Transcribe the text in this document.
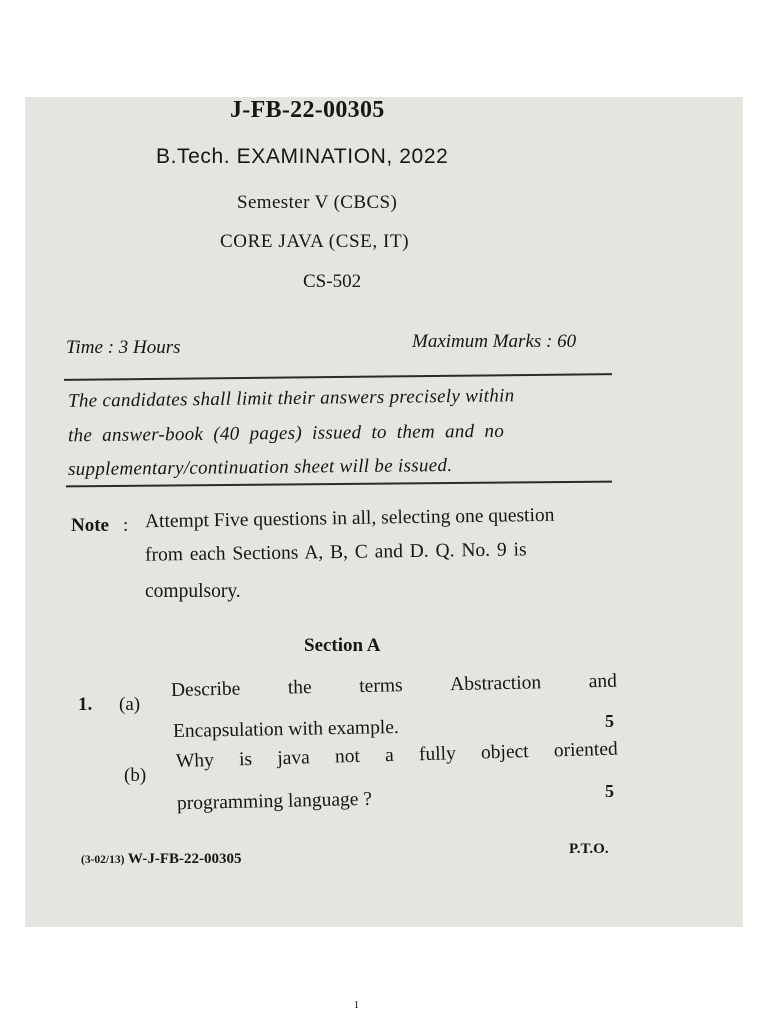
J-FB-22-00305
B.Tech. EXAMINATION, 2022
Semester V (CBCS)
CORE JAVA (CSE, IT)
CS-502
Time : 3 Hours	Maximum Marks : 60
The candidates shall limit their answers precisely within
the answer-book (40 pages) issued to them and no
supplementary/continuation sheet will be issued.
Note : Attempt Five questions in all, selecting one question
from each Sections A, B, C and D. Q. No. 9 is
compulsory.
Section A
1. (a)
Describe the terms Abstraction and
Encapsulation with example.	5
(b)
Why is java not a fully object oriented
programming language ?	5
(3-02/13) W-J-FB-22-00305
P.T.O.
1
